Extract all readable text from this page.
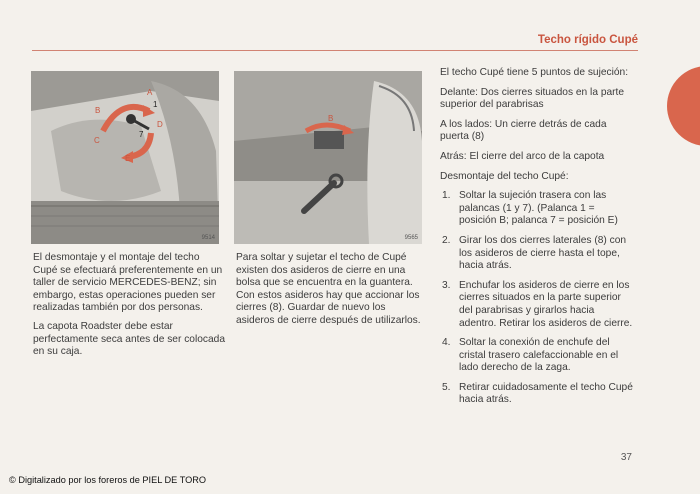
Techo rígido Cupé
A
B
C
D
E
1
7
9514
B
9565

El desmontaje y el montaje del techo Cupé se efectuará preferentemente en un taller de servicio MERCEDES-BENZ; sin embargo, estas operaciones pueden ser realizadas también por dos personas.

La capota Roadster debe estar perfectamente seca antes de ser colocada en su caja.

Para soltar y sujetar el techo de Cupé existen dos asideros de cierre en una bolsa que se encuentra en la guantera. Con estos asideros hay que accionar los cierres (8). Guardar de nuevo los asideros de cierre después de utilizarlos.

El techo Cupé tiene 5 puntos de sujeción:

Delante: Dos cierres situados en la parte superior del parabrisas

A los lados: Un cierre detrás de cada puerta (8)

Atrás: El cierre del arco de la capota

Desmontaje del techo Cupé:

1. Soltar la sujeción trasera con las palancas (1 y 7). (Palanca 1 = posición B; palanca 7 = posición E)
2. Girar los dos cierres laterales (8) con los asideros de cierre hasta el tope, hacia atrás.
3. Enchufar los asideros de cierre en los cierres situados en la parte superior del parabrisas y girarlos hacia adentro. Retirar los asideros de cierre.
4. Soltar la conexión de enchufe del cristal trasero calefaccionable en el lado derecho de la zaga.
5. Retirar cuidadosamente el techo Cupé hacia atrás.
37
© Digitalizado por los foreros de PIEL DE TORO
